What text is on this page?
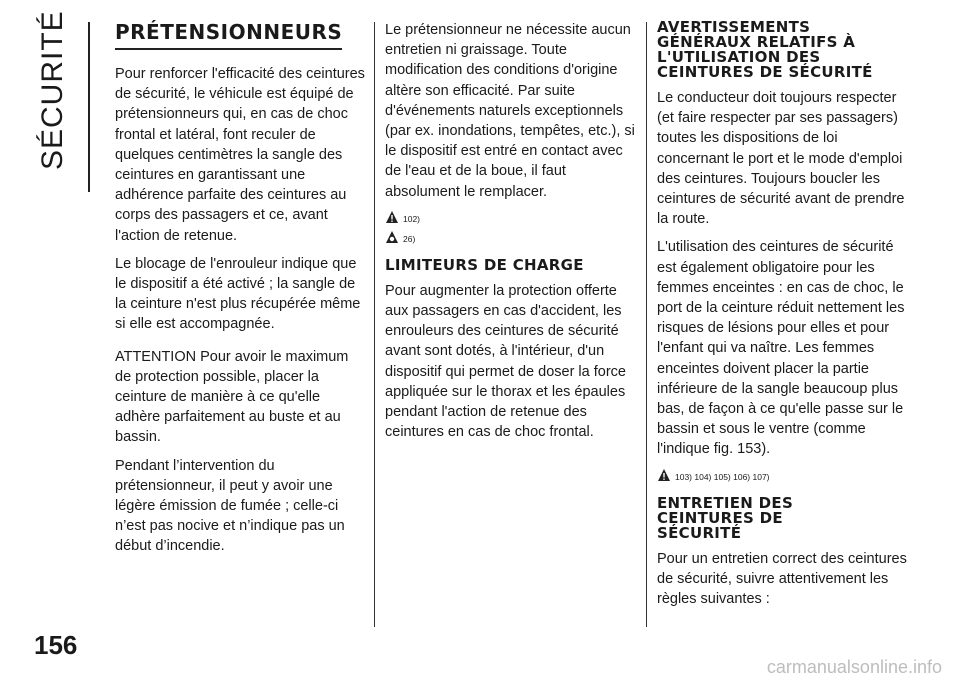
SÉCURITÉ PRÉTENSIONNEURS

Pour renforcer l'efficacité des ceintures de sécurité, le véhicule est équipé de prétensionneurs qui, en cas de choc frontal et latéral, font reculer de quelques centimètres la sangle des ceintures en garantissant une adhérence parfaite des ceintures au corps des passagers et ce, avant l'action de retenue.

Le blocage de l'enrouleur indique que le dispositif a été activé ; la sangle de la ceinture n'est plus récupérée même si elle est accompagnée.

ATTENTION Pour avoir le maximum de protection possible, placer la ceinture de manière à ce qu'elle adhère parfaitement au buste et au bassin.

Pendant l’intervention du prétensionneur, il peut y avoir une légère émission de fumée ; celle-ci n’est pas nocive et n’indique pas un début d’incendie.

Le prétensionneur ne nécessite aucun entretien ni graissage. Toute modification des conditions d'origine altère son efficacité. Par suite d'événements naturels exceptionnels (par ex. inondations, tempêtes, etc.), si le dispositif est entré en contact avec de l'eau et de la boue, il faut absolument le remplacer.

102)
26)
LIMITEURS DE CHARGE

Pour augmenter la protection offerte aux passagers en cas d'accident, les enrouleurs des ceintures de sécurité avant sont dotés, à l'intérieur, d'un dispositif qui permet de doser la force appliquée sur le thorax et les épaules pendant l'action de retenue des ceintures en cas de choc frontal.

AVERTISSEMENTS GÉNÉRAUX RELATIFS À L'UTILISATION DES CEINTURES DE SÉCURITÉ

Le conducteur doit toujours respecter (et faire respecter par ses passagers) toutes les dispositions de loi concernant le port et le mode d'emploi des ceintures. Toujours boucler les ceintures de sécurité avant de prendre la route.

L'utilisation des ceintures de sécurité est également obligatoire pour les femmes enceintes : en cas de choc, le port de la ceinture réduit nettement les risques de lésions pour elles et pour l'enfant qui va naître. Les femmes enceintes doivent placer la partie inférieure de la sangle beaucoup plus bas, de façon à ce qu'elle passe sur le bassin et sous le ventre (comme l'indique fig. 153).

103) 104) 105) 106) 107)
ENTRETIEN DES CEINTURES DE SÉCURITÉ

Pour un entretien correct des ceintures de sécurité, suivre attentivement les règles suivantes :

156
carmanualsonline.info
